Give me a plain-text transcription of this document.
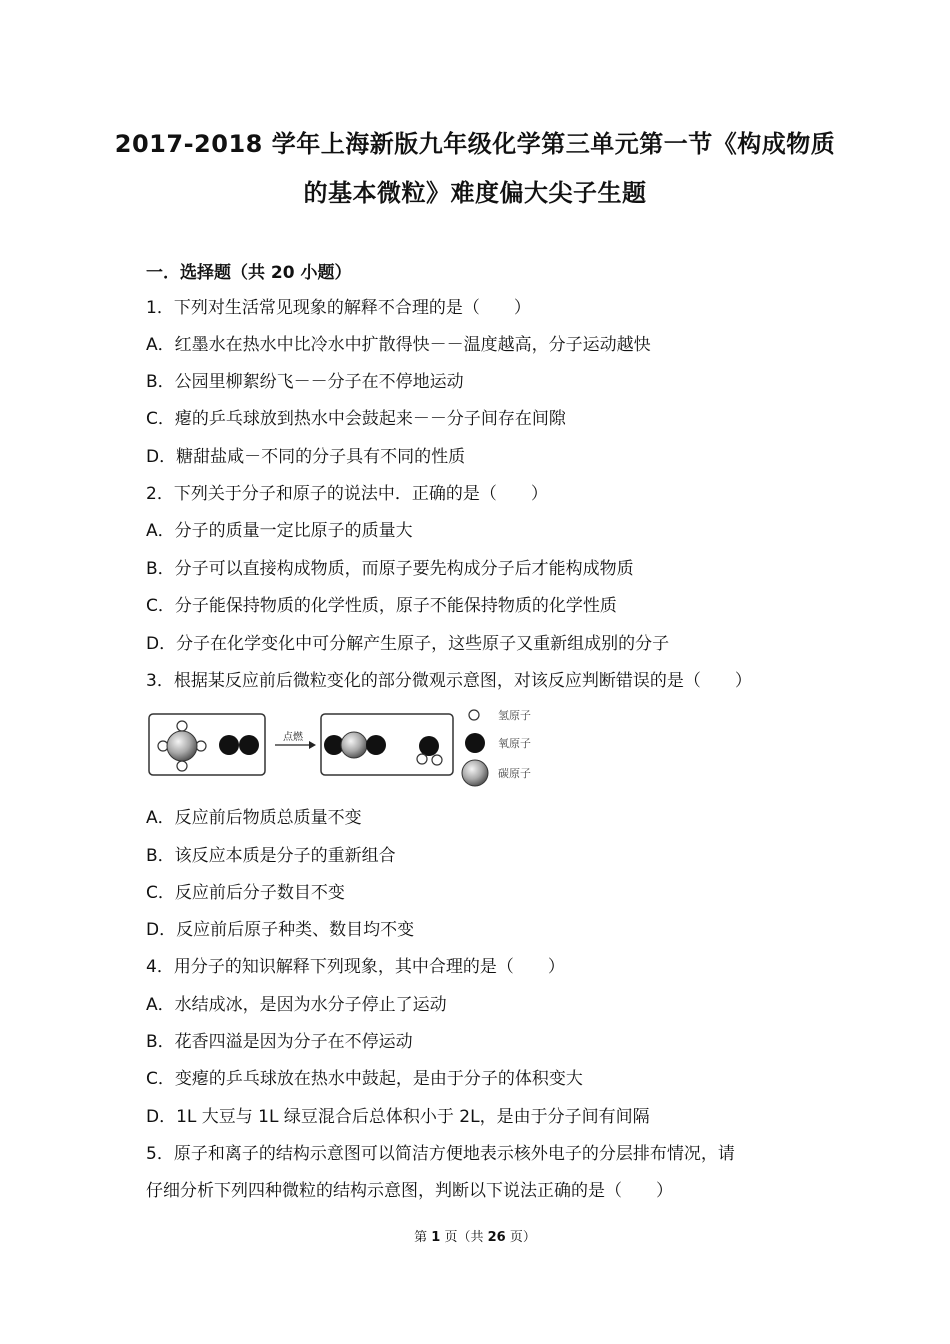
2017-2018 学年上海新版九年级化学第三单元第一节《构成物质
的基本微粒》难度偏大尖子生题
一．选择题（共 20 小题）
1．下列对生活常见现象的解释不合理的是（　　）
A．红墨水在热水中比冷水中扩散得快－－温度越高，分子运动越快
B．公园里柳絮纷飞－－分子在不停地运动
C．瘪的乒乓球放到热水中会鼓起来－－分子间存在间隙
D．糖甜盐咸－不同的分子具有不同的性质
2．下列关于分子和原子的说法中．正确的是（　　）
A．分子的质量一定比原子的质量大
B．分子可以直接构成物质，而原子要先构成分子后才能构成物质
C．分子能保持物质的化学性质，原子不能保持物质的化学性质
D．分子在化学变化中可分解产生原子，这些原子又重新组成别的分子
3．根据某反应前后微粒变化的部分微观示意图，对该反应判断错误的是（　　）
点燃
氢原子
氧原子
碳原子
A．反应前后物质总质量不变
B．该反应本质是分子的重新组合
C．反应前后分子数目不变
D．反应前后原子种类、数目均不变
4．用分子的知识解释下列现象，其中合理的是（　　）
A．水结成冰，是因为水分子停止了运动
B．花香四溢是因为分子在不停运动
C．变瘪的乒乓球放在热水中鼓起，是由于分子的体积变大
D．1L 大豆与 1L 绿豆混合后总体积小于 2L，是由于分子间有间隔
5．原子和离子的结构示意图可以简洁方便地表示核外电子的分层排布情况，请
仔细分析下列四种微粒的结构示意图，判断以下说法正确的是（　　）
第 1 页（共 26 页）
